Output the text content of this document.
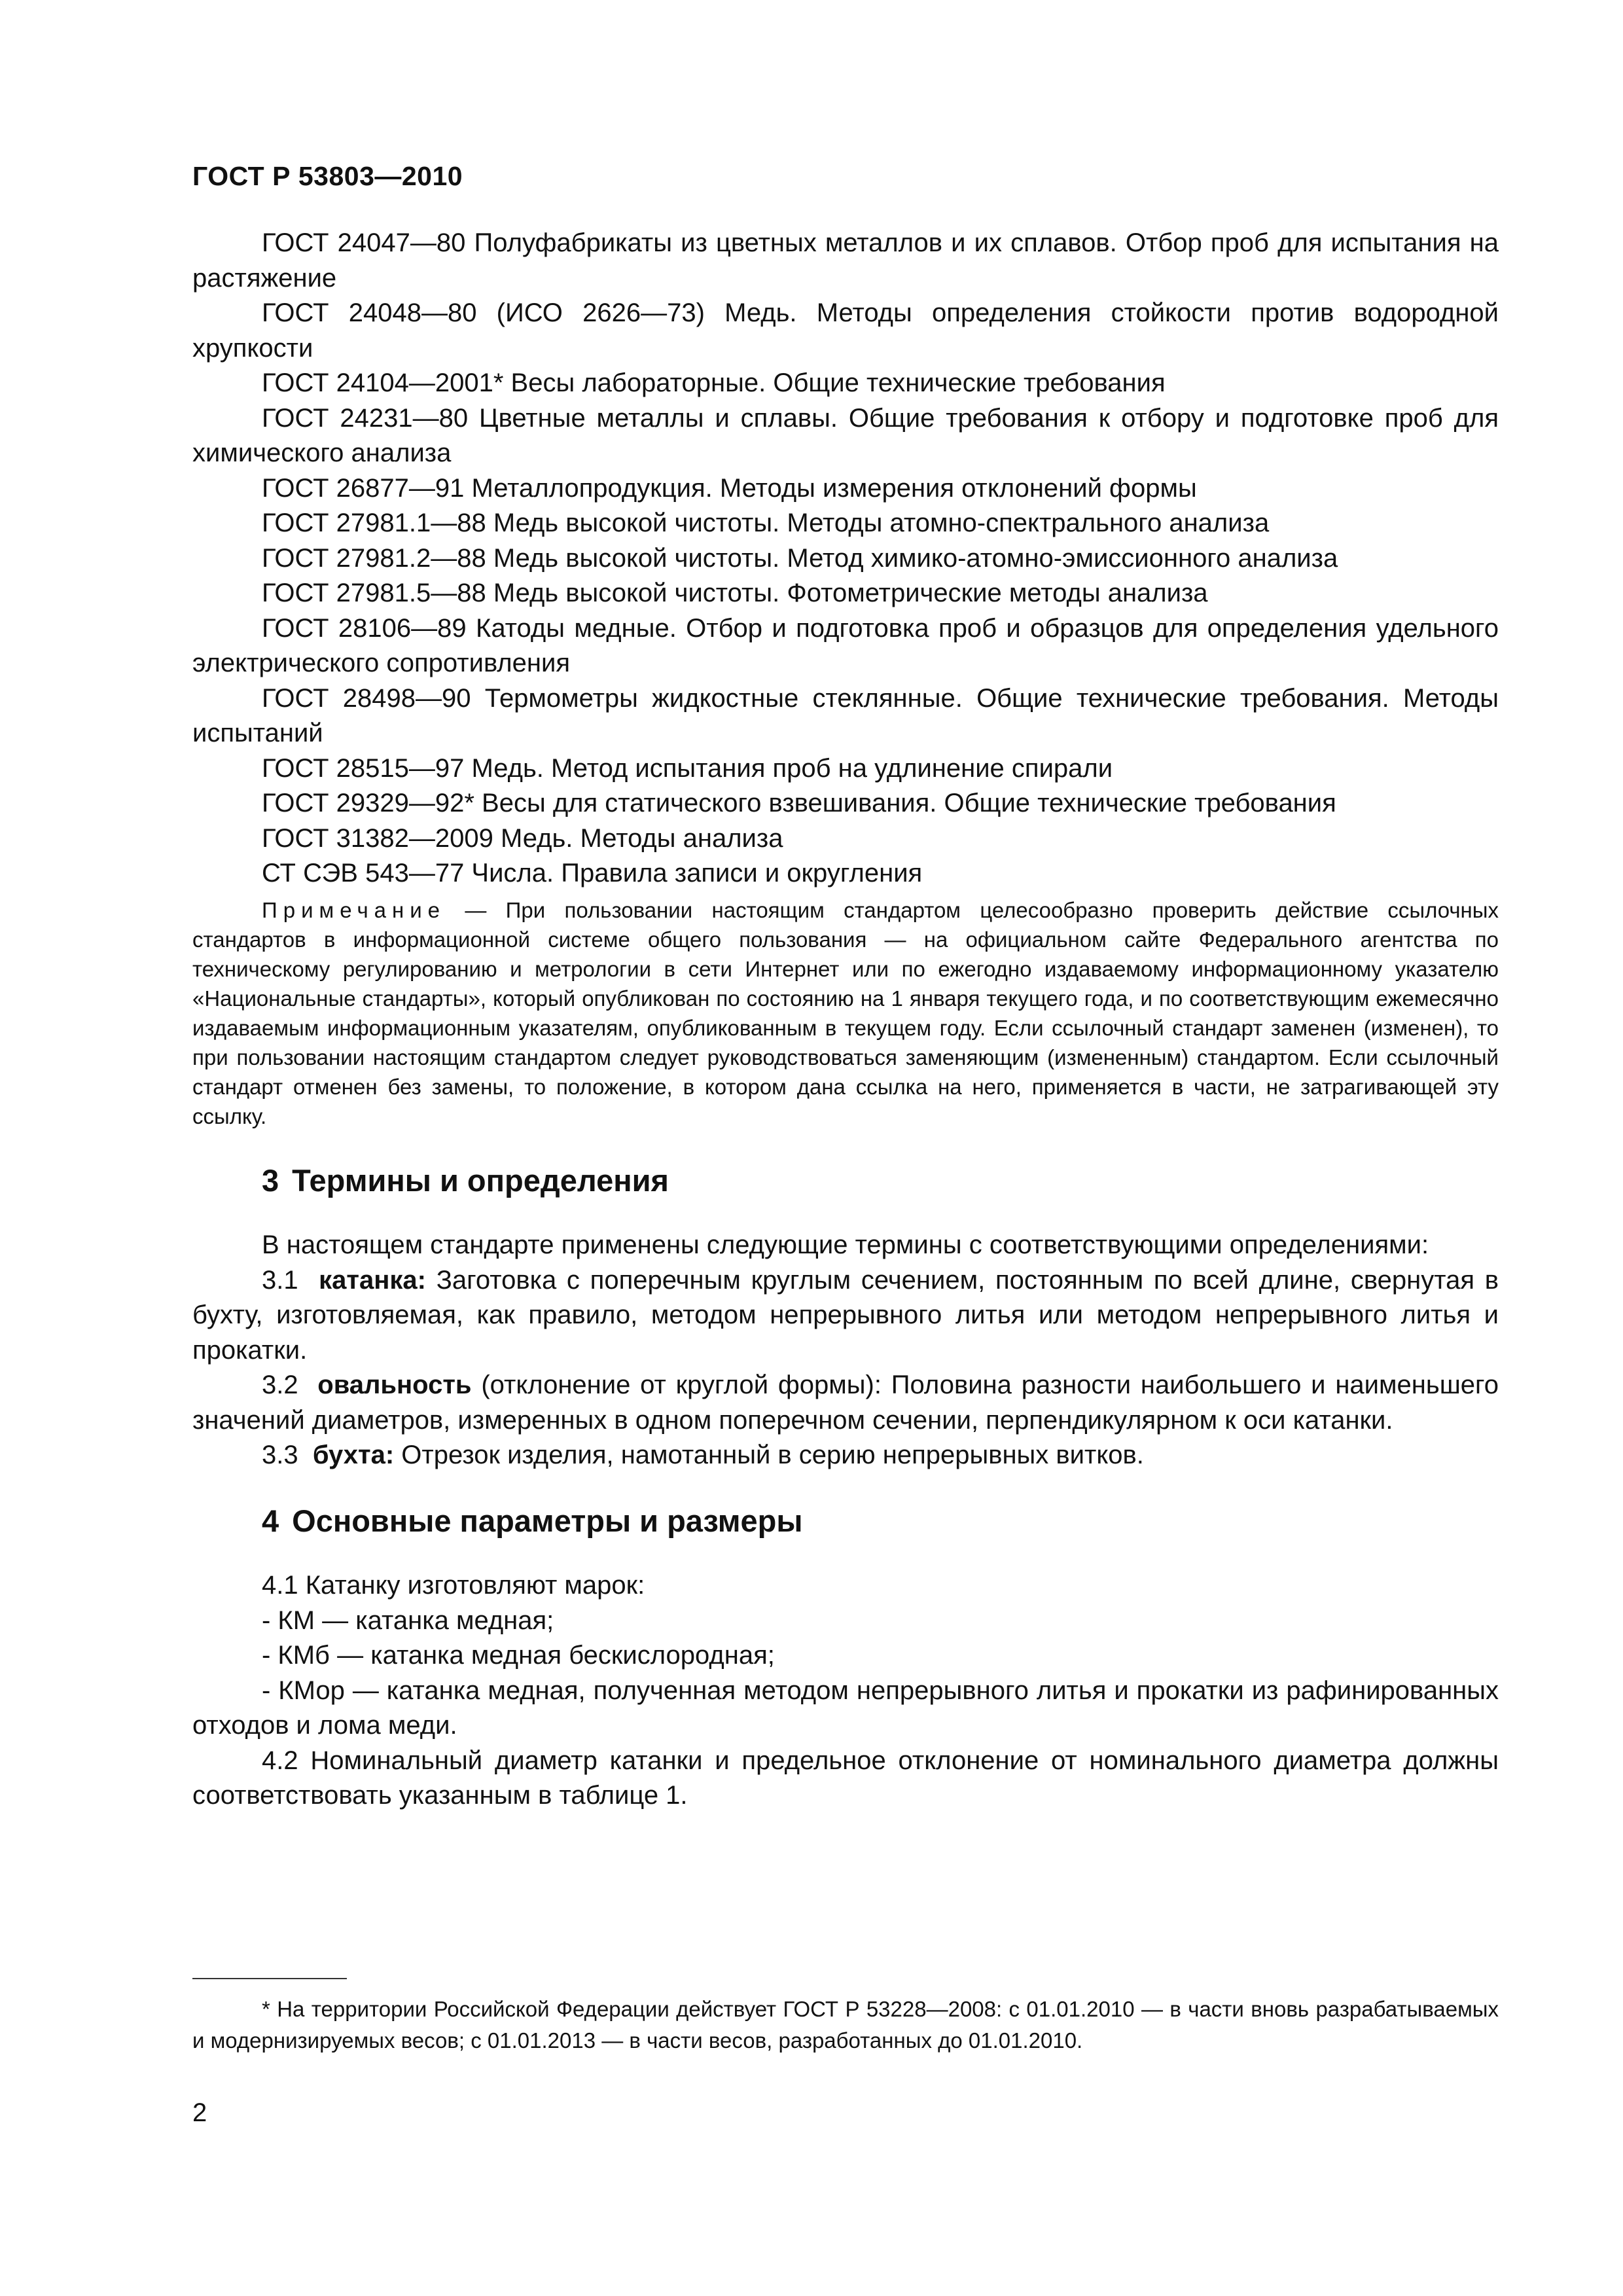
ГОСТ Р 53803—2010

ГОСТ 24047—80 Полуфабрикаты из цветных металлов и их сплавов. Отбор проб для испытания на растяжение

ГОСТ 24048—80 (ИСО 2626—73) Медь. Методы определения стойкости против водородной хрупкости

ГОСТ 24104—2001* Весы лабораторные. Общие технические требования

ГОСТ 24231—80 Цветные металлы и сплавы. Общие требования к отбору и подготовке проб для химического анализа

ГОСТ 26877—91 Металлопродукция. Методы измерения отклонений формы

ГОСТ 27981.1—88 Медь высокой чистоты. Методы атомно-спектрального анализа

ГОСТ 27981.2—88 Медь высокой чистоты. Метод химико-атомно-эмиссионного анализа

ГОСТ 27981.5—88 Медь высокой чистоты. Фотометрические методы анализа

ГОСТ 28106—89 Катоды медные. Отбор и подготовка проб и образцов для определения удельного электрического сопротивления

ГОСТ 28498—90 Термометры жидкостные стеклянные. Общие технические требования. Методы испытаний

ГОСТ 28515—97 Медь. Метод испытания проб на удлинение спирали

ГОСТ 29329—92* Весы для статического взвешивания. Общие технические требования

ГОСТ 31382—2009 Медь. Методы анализа

СТ СЭВ 543—77 Числа. Правила записи и округления

Примечание — При пользовании настоящим стандартом целесообразно проверить действие ссылочных стандартов в информационной системе общего пользования — на официальном сайте Федерального агентства по техническому регулированию и метрологии в сети Интернет или по ежегодно издаваемому информационному указателю «Национальные стандарты», который опубликован по состоянию на 1 января текущего года, и по соответствующим ежемесячно издаваемым информационным указателям, опубликованным в текущем году. Если ссылочный стандарт заменен (изменен), то при пользовании настоящим стандартом следует руководствоваться заменяющим (измененным) стандартом. Если ссылочный стандарт отменен без замены, то положение, в котором дана ссылка на него, применяется в части, не затрагивающей эту ссылку.

3 Термины и определения

В настоящем стандарте применены следующие термины с соответствующими определениями:

3.1 катанка: Заготовка с поперечным круглым сечением, постоянным по всей длине, свернутая в бухту, изготовляемая, как правило, методом непрерывного литья или методом непрерывного литья и прокатки.

3.2 овальность (отклонение от круглой формы): Половина разности наибольшего и наименьшего значений диаметров, измеренных в одном поперечном сечении, перпендикулярном к оси катанки.

3.3 бухта: Отрезок изделия, намотанный в серию непрерывных витков.

4 Основные параметры и размеры

4.1 Катанку изготовляют марок:

- КМ — катанка медная;

- КМб — катанка медная бескислородная;

- КМор — катанка медная, полученная методом непрерывного литья и прокатки из рафинированных отходов и лома меди.

4.2 Номинальный диаметр катанки и предельное отклонение от номинального диаметра должны соответствовать указанным в таблице 1.

* На территории Российской Федерации действует ГОСТ Р 53228—2008: с 01.01.2010 — в части вновь разрабатываемых и модернизируемых весов; с 01.01.2013 — в части весов, разработанных до 01.01.2010.

2
